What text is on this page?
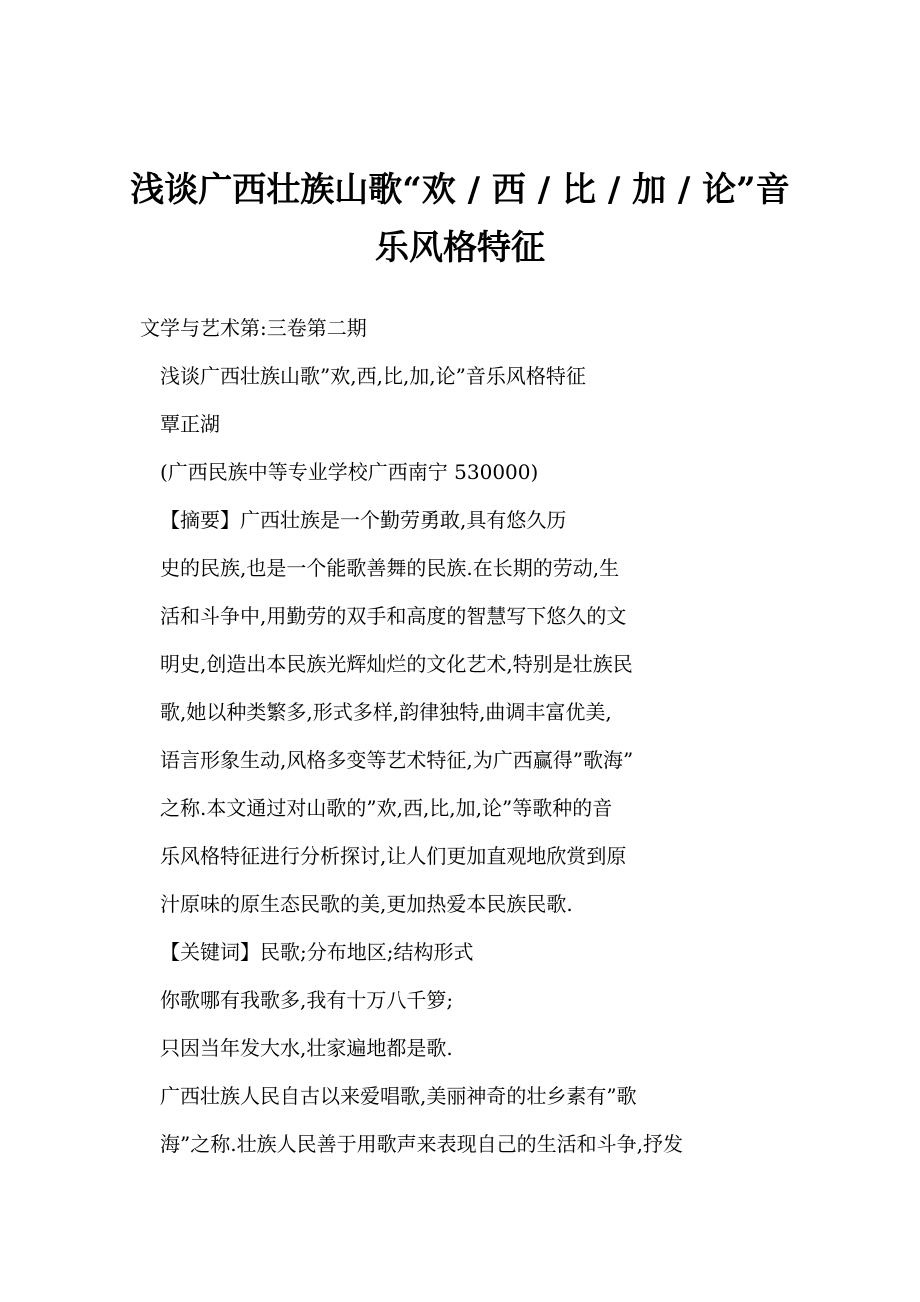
浅谈广西壮族山歌“欢 / 西 / 比 / 加 / 论”音
乐风格特征
文学与艺术第:三卷第二期
浅谈广西壮族山歌”欢,西,比,加,论”音乐风格特征
覃正湖
(广西民族中等专业学校广西南宁 530000)
【摘要】广西壮族是一个勤劳勇敢,具有悠久历
史的民族,也是一个能歌善舞的民族.在长期的劳动,生
活和斗争中,用勤劳的双手和高度的智慧写下悠久的文
明史,创造出本民族光辉灿烂的文化艺术,特别是壮族民
歌,她以种类繁多,形式多样,韵律独特,曲调丰富优美,
语言形象生动,风格多变等艺术特征,为广西赢得”歌海”
之称.本文通过对山歌的”欢,西,比,加,论”等歌种的音
乐风格特征进行分析探讨,让人们更加直观地欣赏到原
汁原味的原生态民歌的美,更加热爱本民族民歌.
【关键词】民歌;分布地区;结构形式
你歌哪有我歌多,我有十万八千箩;
只因当年发大水,壮家遍地都是歌.
广西壮族人民自古以来爱唱歌,美丽神奇的壮乡素有”歌
海”之称.壮族人民善于用歌声来表现自己的生活和斗争,抒发
